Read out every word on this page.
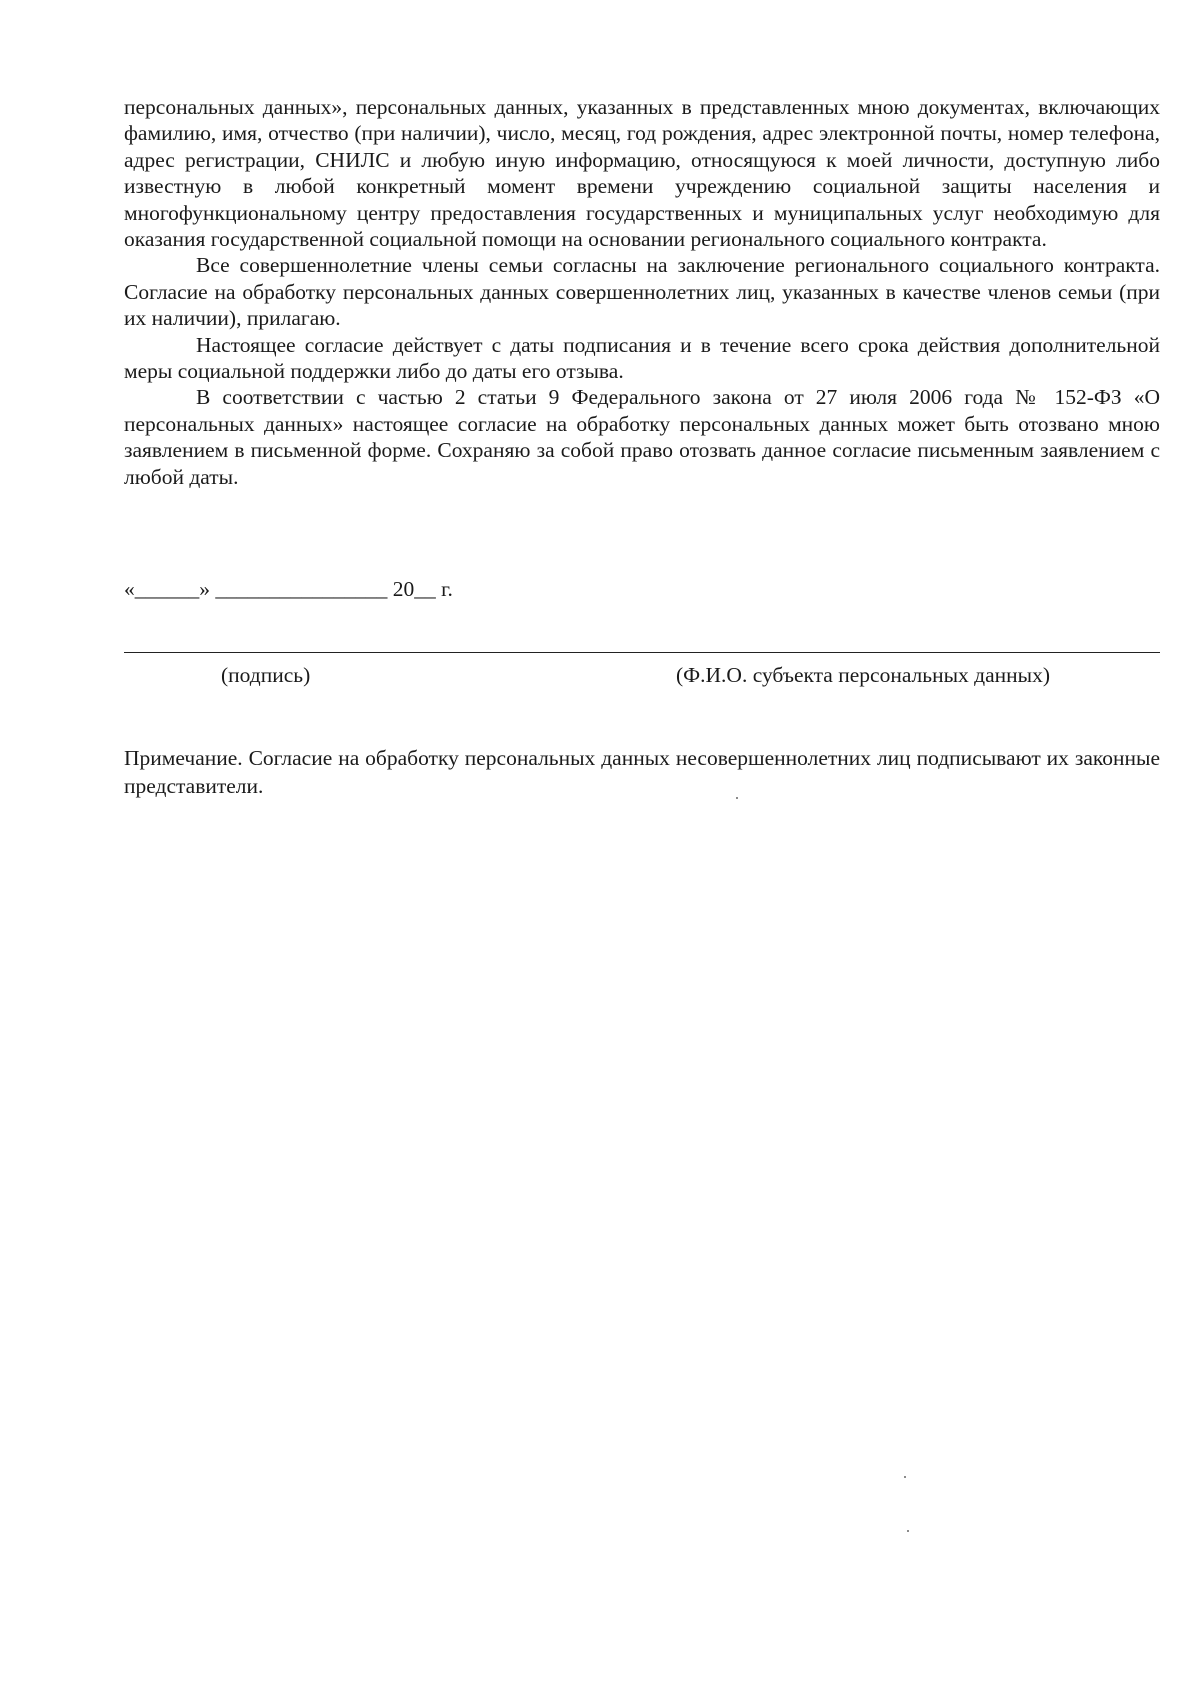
персональных данных», персональных данных, указанных в представленных мною документах, включающих фамилию, имя, отчество (при наличии), число, месяц, год рождения, адрес электронной почты, номер телефона, адрес регистрации, СНИЛС и любую иную информацию, относящуюся к моей личности, доступную либо известную в любой конкретный момент времени учреждению социальной защиты населения и многофункциональному центру предоставления государственных и муниципальных услуг необходимую для оказания государственной социальной помощи на основании регионального социального контракта.

Все совершеннолетние члены семьи согласны на заключение регионального социального контракта. Согласие на обработку персональных данных совершеннолетних лиц, указанных в качестве членов семьи (при их наличии), прилагаю.

Настоящее согласие действует с даты подписания и в течение всего срока действия дополнительной меры социальной поддержки либо до даты его отзыва.

В соответствии с частью 2 статьи 9 Федерального закона от 27 июля 2006 года № 152-ФЗ «О персональных данных» настоящее согласие на обработку персональных данных может быть отозвано мною заявлением в письменной форме. Сохраняю за собой право отозвать данное согласие письменным заявлением с любой даты.

«______» ________________ 20__ г.
(подпись)	(Ф.И.О. субъекта персональных данных)

Примечание. Согласие на обработку персональных данных несовершеннолетних лиц подписывают их законные представители.
